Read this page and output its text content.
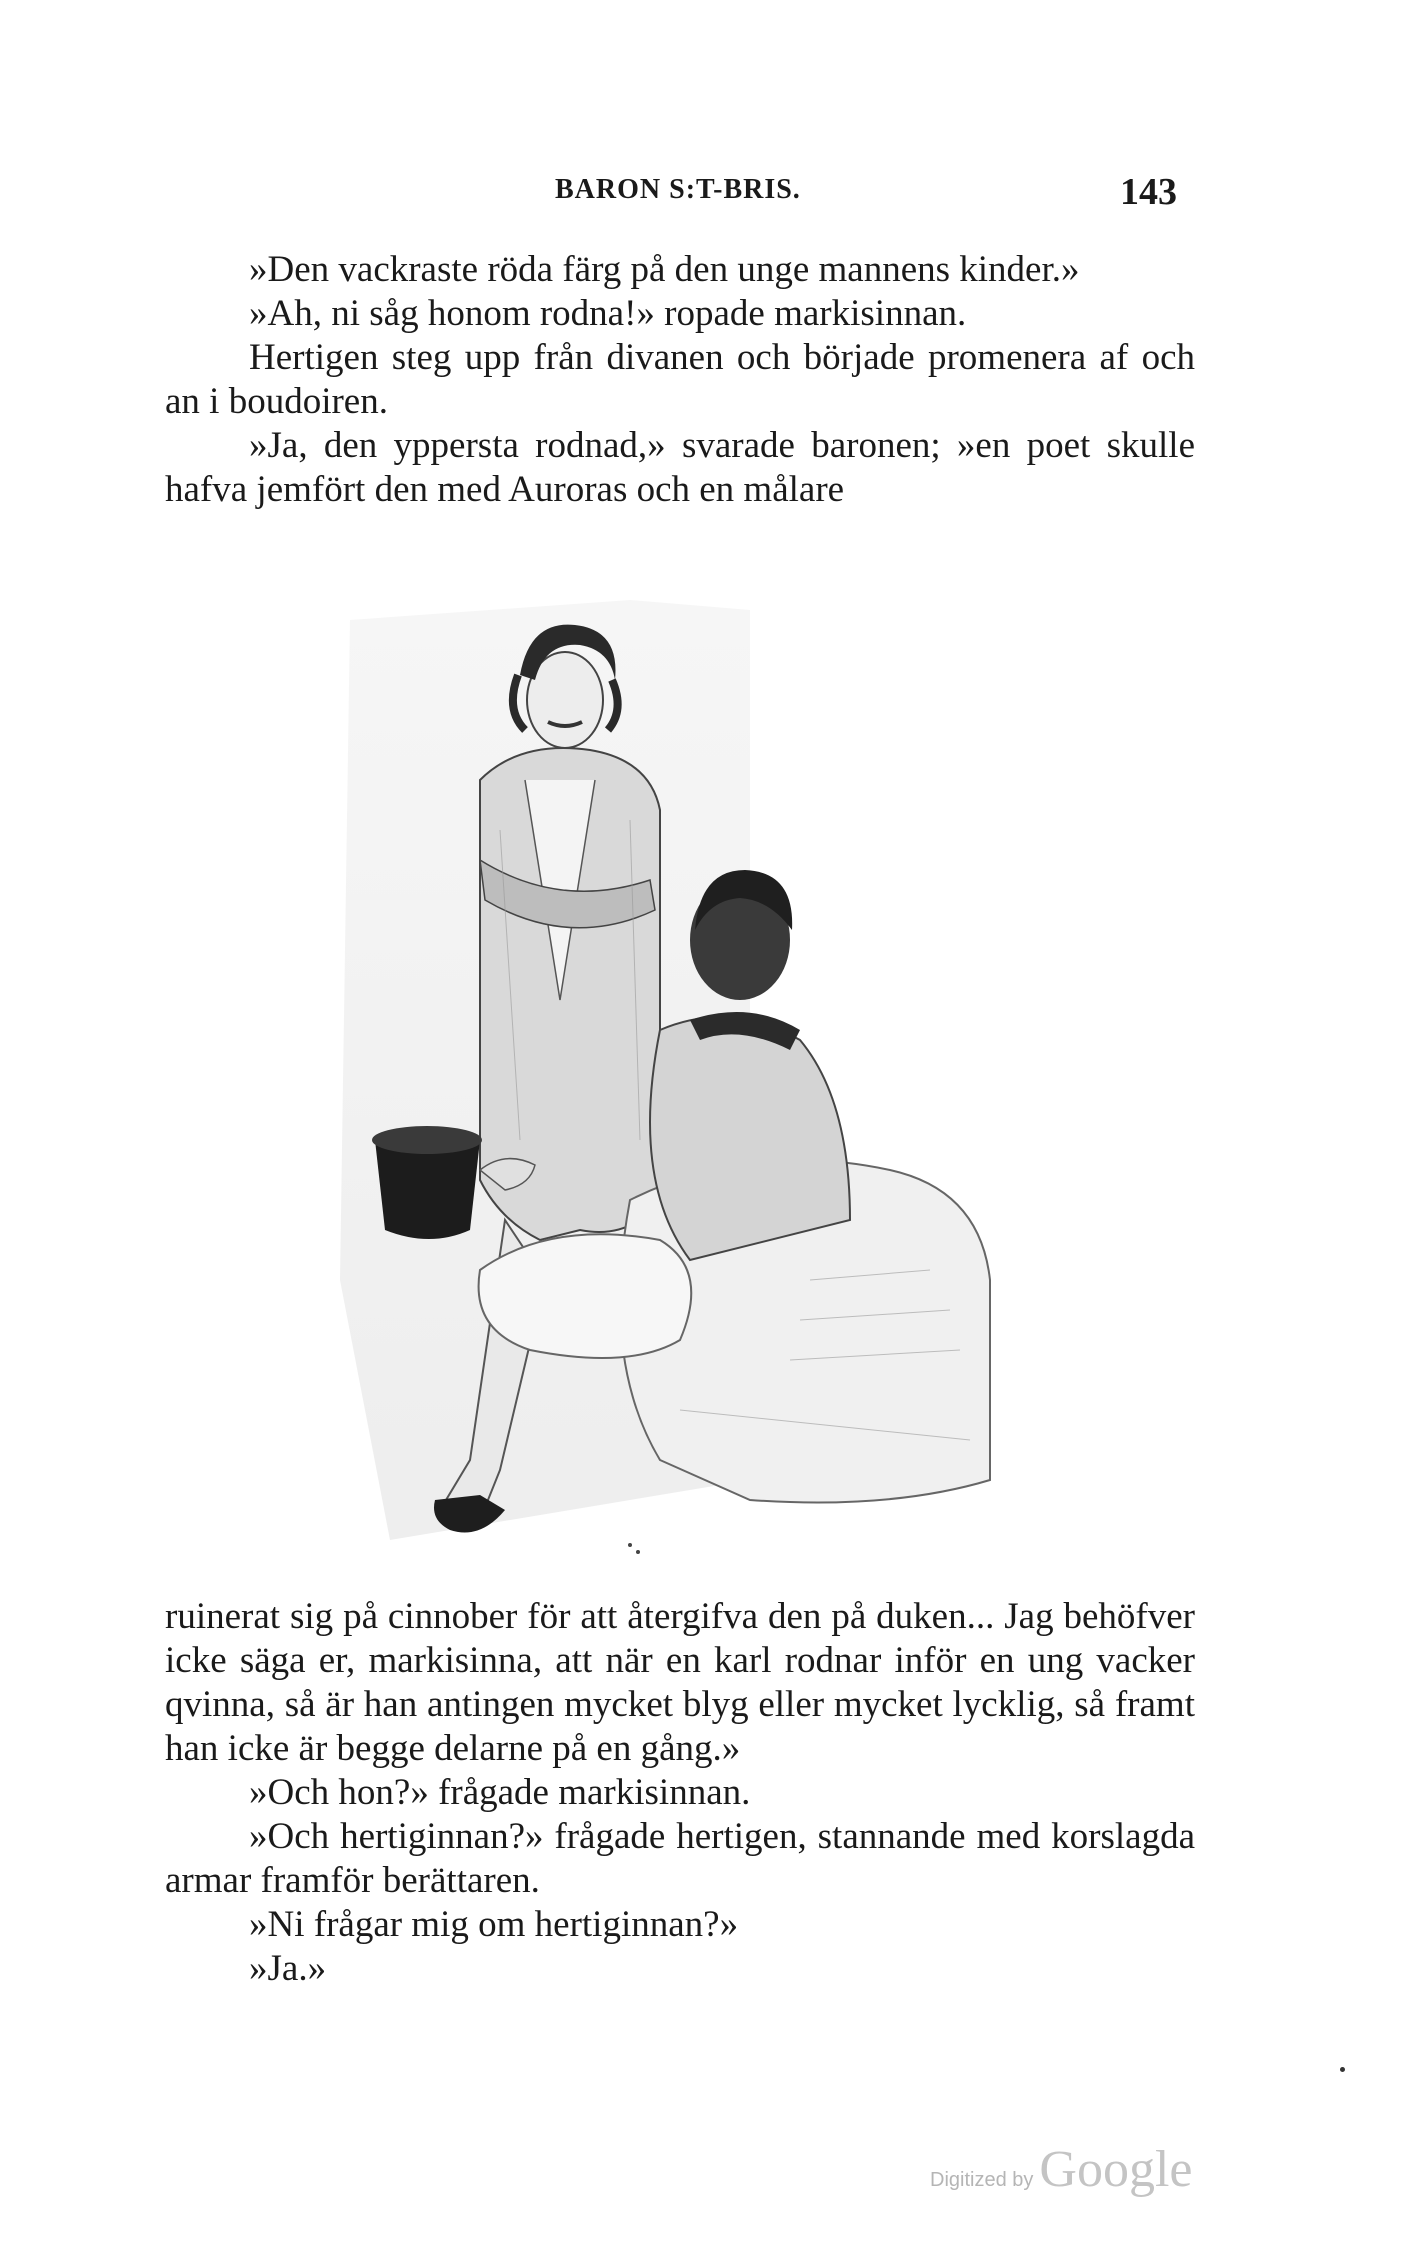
BARON S:T-BRIS.	143

»Den vackraste röda färg på den unge mannens kinder.»

»Ah, ni såg honom rodna!» ropade markisinnan.

Hertigen steg upp från divanen och började promenera af och an i boudoiren.

»Ja, den yppersta rodnad,» svarade baronen; »en poet skulle hafva jemfört den med Auroras och en målare

ruinerat sig på cinnober för att återgifva den på duken... Jag behöfver icke säga er, markisinna, att när en karl rodnar inför en ung vacker qvinna, så är han antingen mycket blyg eller mycket lycklig, så framt han icke är begge delarne på en gång.»

»Och hon?» frågade markisinnan.

»Och hertiginnan?» frågade hertigen, stannande med korslagda armar framför berättaren.

»Ni frågar mig om hertiginnan?»

»Ja.»

Digitized by Google
